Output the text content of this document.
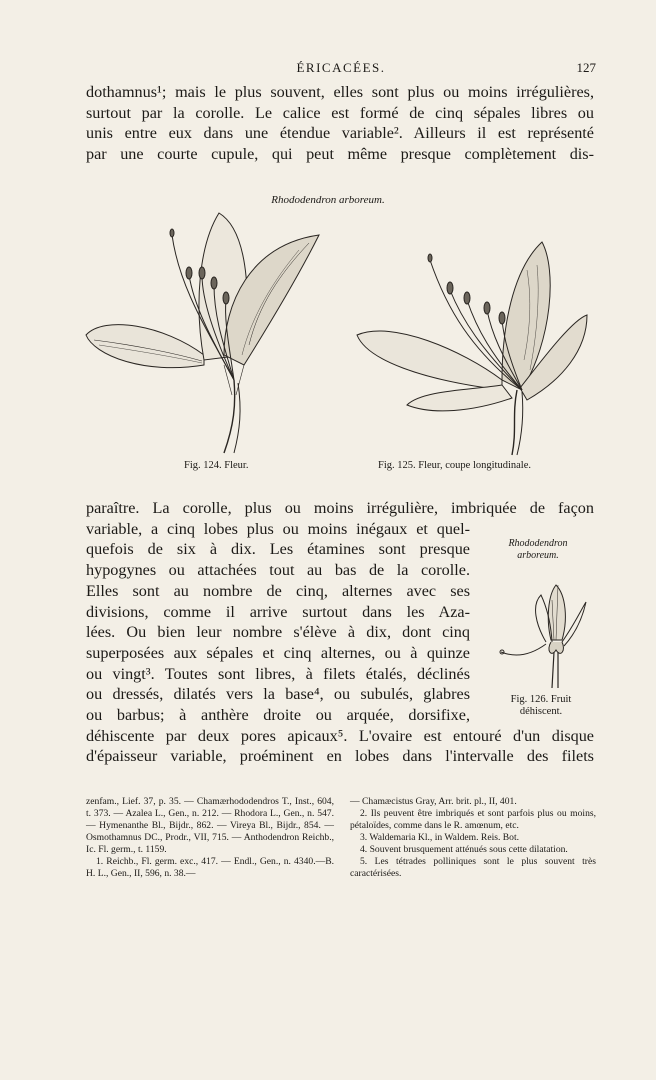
ÉRICACÉES.	127

dothamnus¹; mais le plus souvent, elles sont plus ou moins irrégulières,
surtout par la corolle. Le calice est formé de cinq sépales libres ou
unis entre eux dans une étendue variable². Ailleurs il est représenté
par une courte cupule, qui peut même presque complètement dis-

Rhododendron arboreum.
Fig. 124. Fleur.	Fig. 125. Fleur, coupe longitudinale.
Rhododendron arboreum.
Fig. 126. Fruit déhiscent.
paraître. La corolle, plus ou moins irrégulière, imbriquée de façon
variable, a cinq lobes plus ou moins inégaux et quel-
quefois de six à dix. Les étamines sont presque
hypogynes ou attachées tout au bas de la corolle.
Elles sont au nombre de cinq, alternes avec ses
divisions, comme il arrive surtout dans les Aza-
lées. Ou bien leur nombre s'élève à dix, dont cinq
superposées aux sépales et cinq alternes, ou à quinze
ou vingt³. Toutes sont libres, à filets étalés, déclinés
ou dressés, dilatés vers la base⁴, ou subulés, glabres
ou barbus; à anthère droite ou arquée, dorsifixe,
déhiscente par deux pores apicaux⁵. L'ovaire est entouré d'un disque
d'épaisseur variable, proéminent en lobes dans l'intervalle des filets

zenfam., Lief. 37, p. 35. — Chamærhododendros T., Inst., 604, t. 373. — Azalea L., Gen., n. 212. — Rhodora L., Gen., n. 547. — Hymenanthe Bl., Bijdr., 862. — Vireya Bl., Bijdr., 854. — Osmothamnus DC., Prodr., VII, 715. — Anthodendron Reichb., Ic. Fl. germ., t. 1159.

1. Reichb., Fl. germ. exc., 417. — Endl., Gen., n. 4340.—B. H. L., Gen., II, 596, n. 38.—

— Chamæcistus Gray, Arr. brit. pl., II, 401.

2. Ils peuvent être imbriqués et sont parfois plus ou moins, pétaloïdes, comme dans le R. amœnum, etc.

3. Waldemaria Kl., in Waldem. Reis. Bot.

4. Souvent brusquement atténués sous cette dilatation.

5. Les tétrades polliniques sont le plus souvent très caractérisées.
